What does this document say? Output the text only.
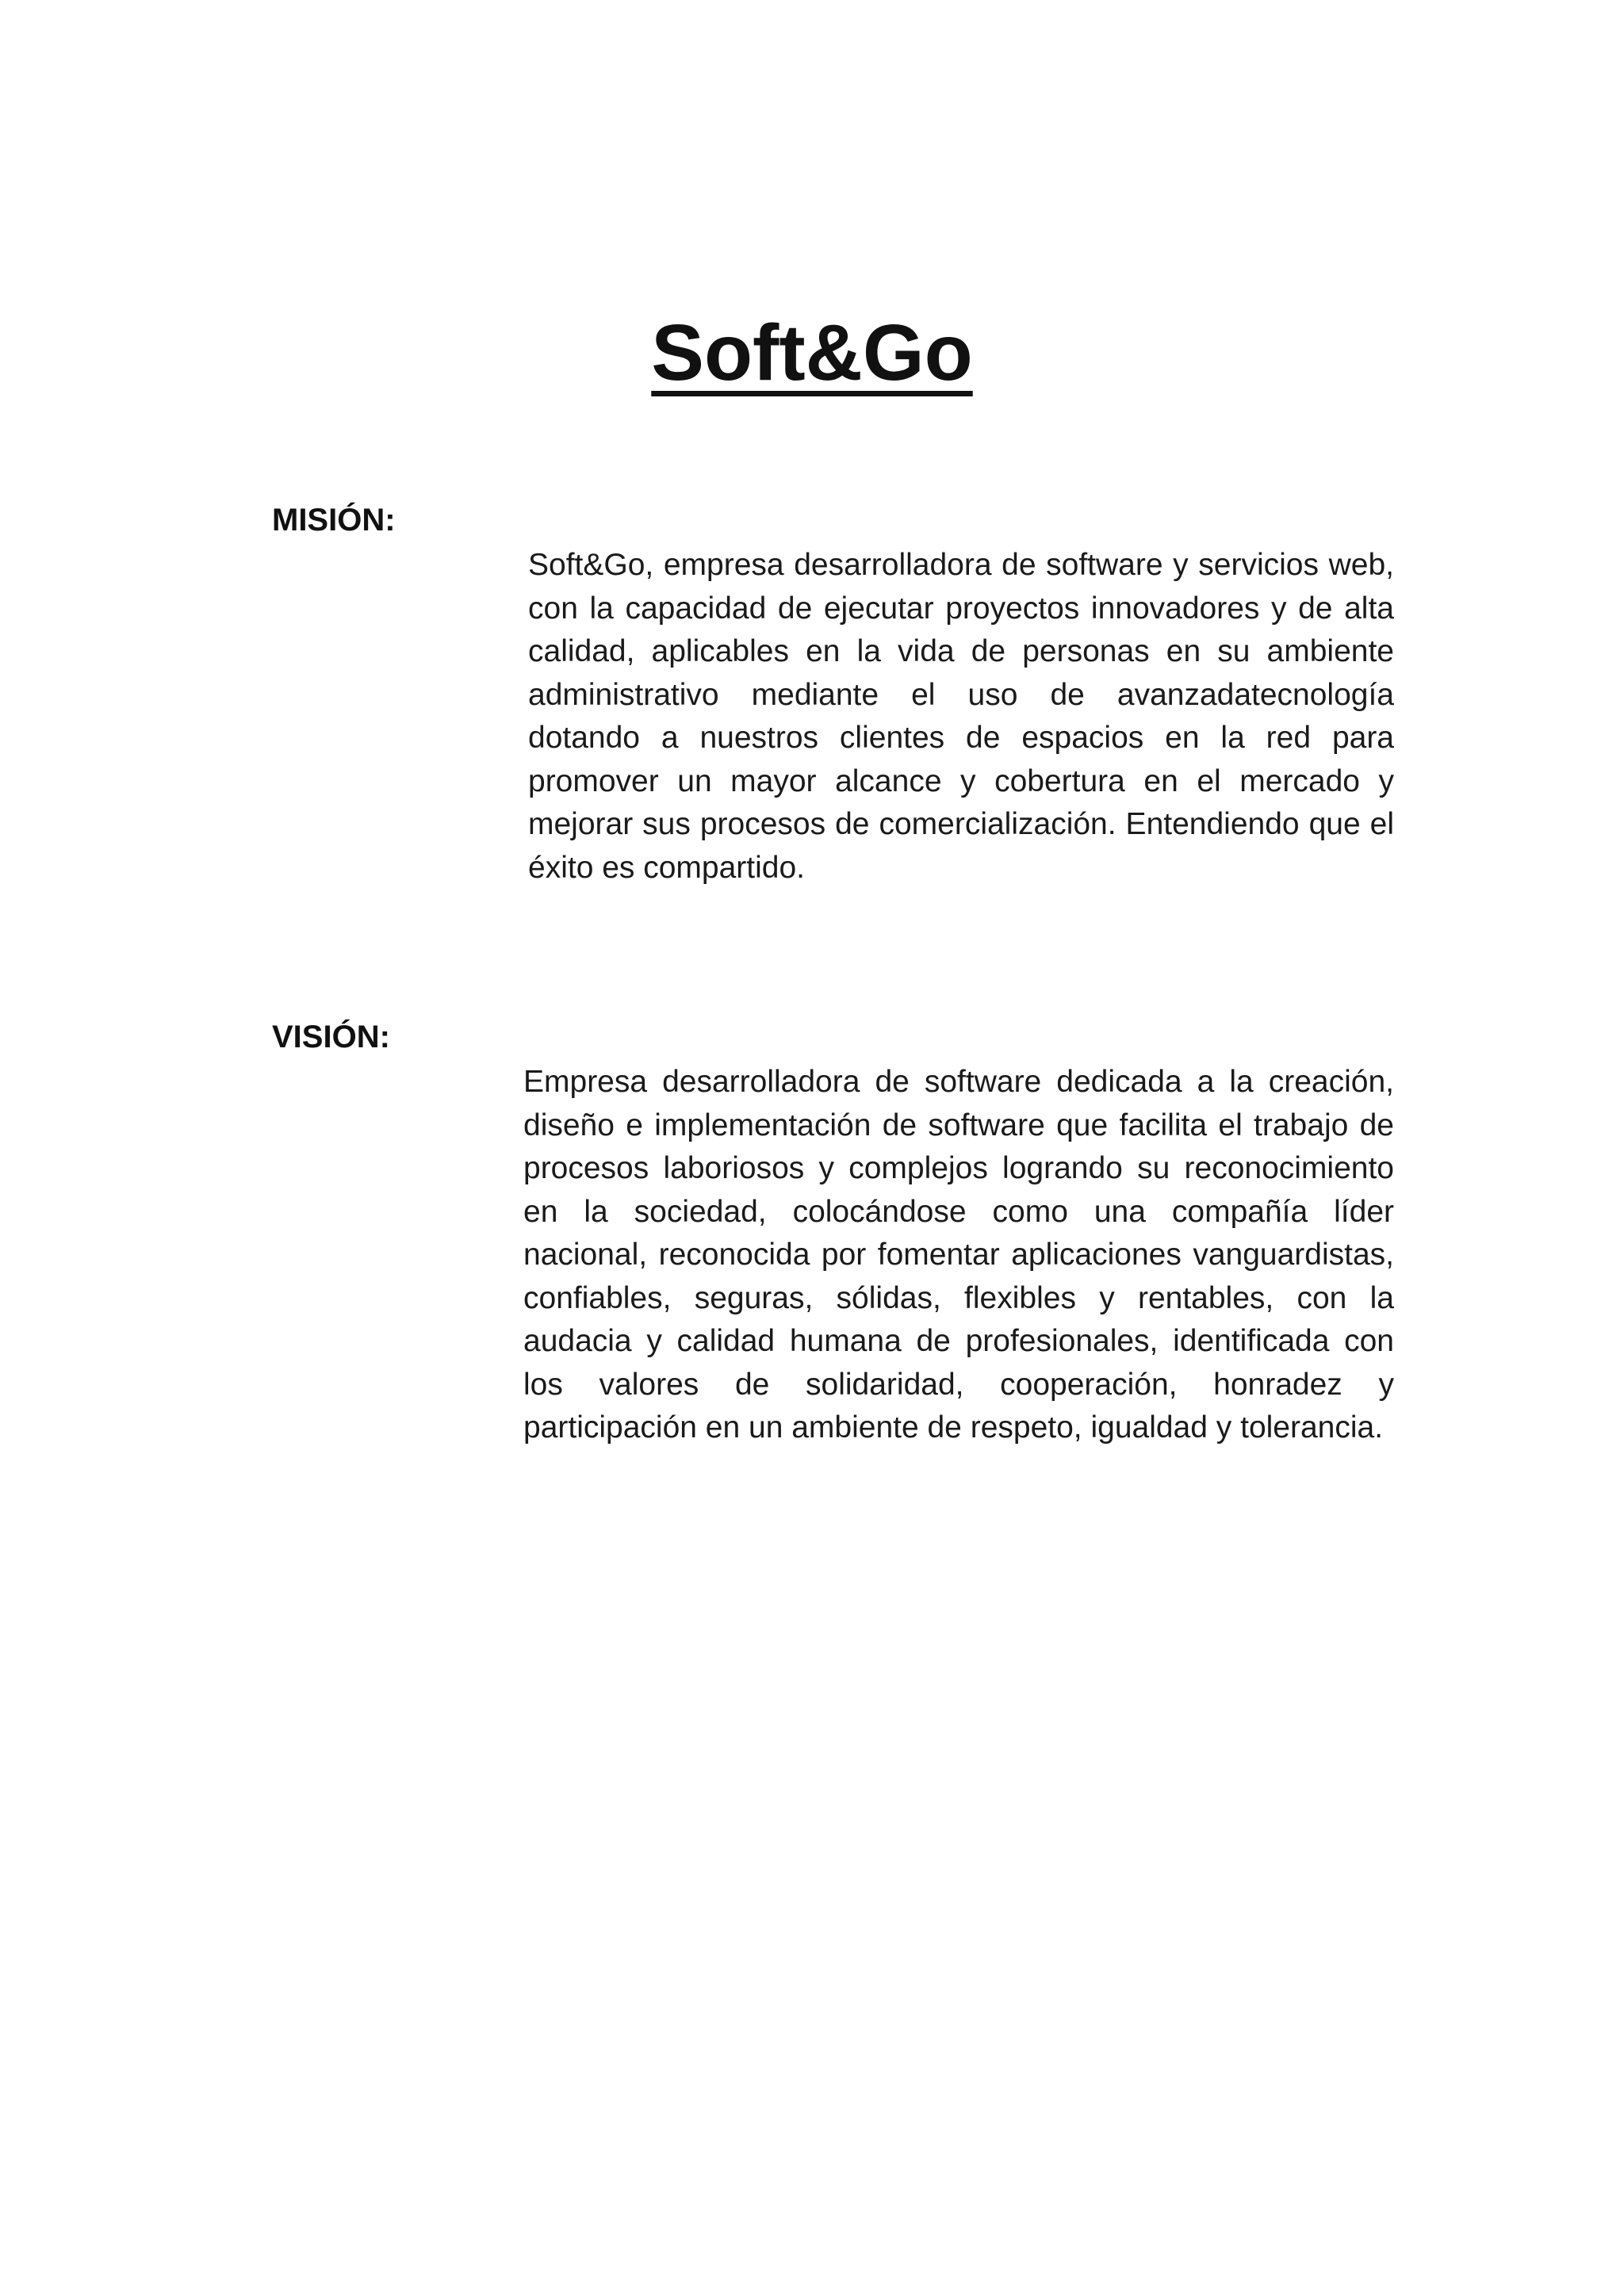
Soft&Go
MISIÓN:

Soft&Go, empresa desarrolladora de software y servicios web, con la capacidad de ejecutar proyectos innovadores y de alta calidad, aplicables en la vida de personas en su ambiente administrativo mediante el uso de avanzadatecnología dotando a nuestros clientes de espacios en la red para promover un mayor alcance y cobertura en el mercado y mejorar sus procesos de comercialización. Entendiendo que el éxito es compartido.

VISIÓN:

Empresa desarrolladora de software dedicada a la creación, diseño e implementación de software que facilita el trabajo de procesos laboriosos y complejos logrando su reconocimiento en la sociedad, colocándose como una compañía líder nacional, reconocida por fomentar aplicaciones vanguardistas, confiables, seguras, sólidas, flexibles y rentables, con la audacia y calidad humana de profesionales, identificada con los valores de solidaridad, cooperación, honradez y participación en un ambiente de respeto, igualdad y tolerancia.
